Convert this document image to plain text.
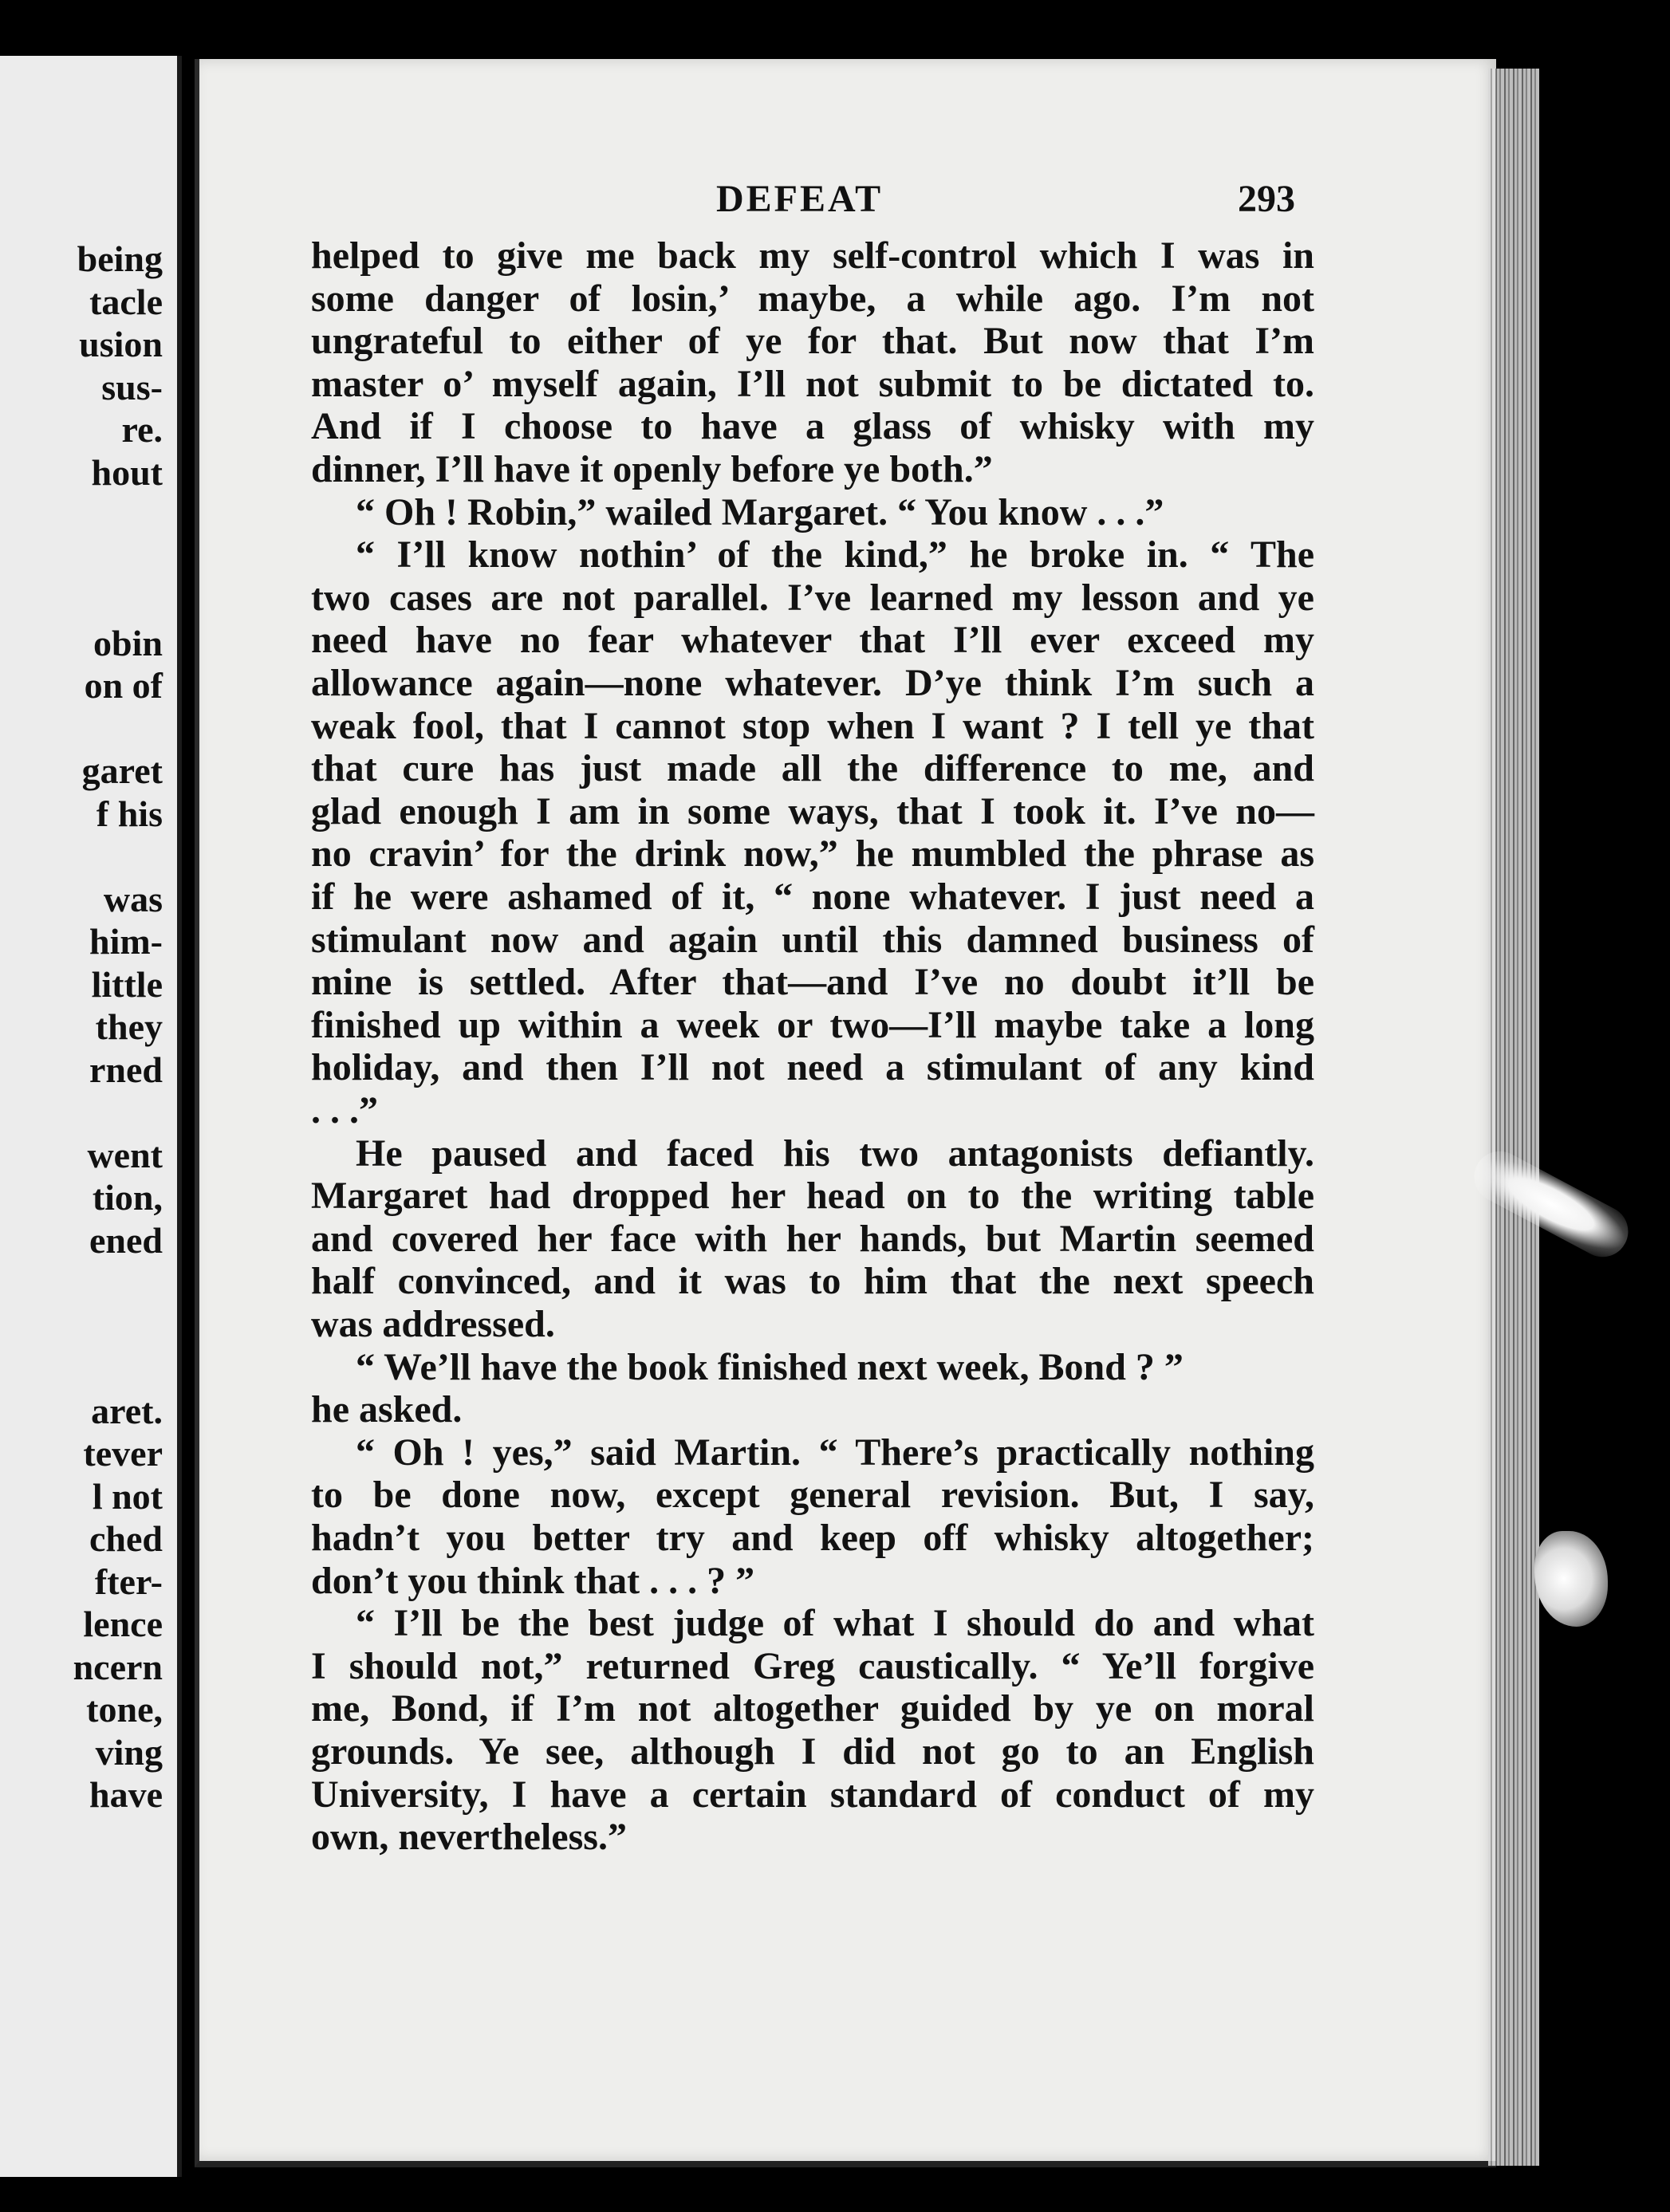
being
tacle
usion
sus-
re.
hout
obin
on of
garet
f his
was
him-
little
they
rned
went
tion,
ened
aret.
tever
l not
ched
fter-
lence
ncern
tone,
ving
have
DEFEAT	293
helped to give me back my self-control which I was in
some danger of losin,’ maybe, a while ago. I’m not
ungrateful to either of ye for that. But now that I’m
master o’ myself again, I’ll not submit to be dictated to.
And if I choose to have a glass of whisky with my
dinner, I’ll have it openly before ye both.”
“ Oh ! Robin,” wailed Margaret. “ You know . . .”
“ I’ll know nothin’ of the kind,” he broke in. “ The
two cases are not parallel. I’ve learned my lesson and ye
need have no fear whatever that I’ll ever exceed my
allowance again—none whatever. D’ye think I’m such a
weak fool, that I cannot stop when I want ? I tell ye that
that cure has just made all the difference to me, and
glad enough I am in some ways, that I took it. I’ve no—
no cravin’ for the drink now,” he mumbled the phrase as
if he were ashamed of it, “ none whatever. I just need a
stimulant now and again until this damned business of
mine is settled. After that—and I’ve no doubt it’ll be
finished up within a week or two—I’ll maybe take a long
holiday, and then I’ll not need a stimulant of any kind
. . .”
He paused and faced his two antagonists defiantly.
Margaret had dropped her head on to the writing table
and covered her face with her hands, but Martin seemed
half convinced, and it was to him that the next speech
was addressed.
“ We’ll have the book finished next week, Bond ? ”
he asked.
“ Oh ! yes,” said Martin. “ There’s practically nothing
to be done now, except general revision. But, I say,
hadn’t you better try and keep off whisky altogether;
don’t you think that . . . ? ”
“ I’ll be the best judge of what I should do and what
I should not,” returned Greg caustically. “ Ye’ll forgive
me, Bond, if I’m not altogether guided by ye on moral
grounds. Ye see, although I did not go to an English
University, I have a certain standard of conduct of my
own, nevertheless.”
